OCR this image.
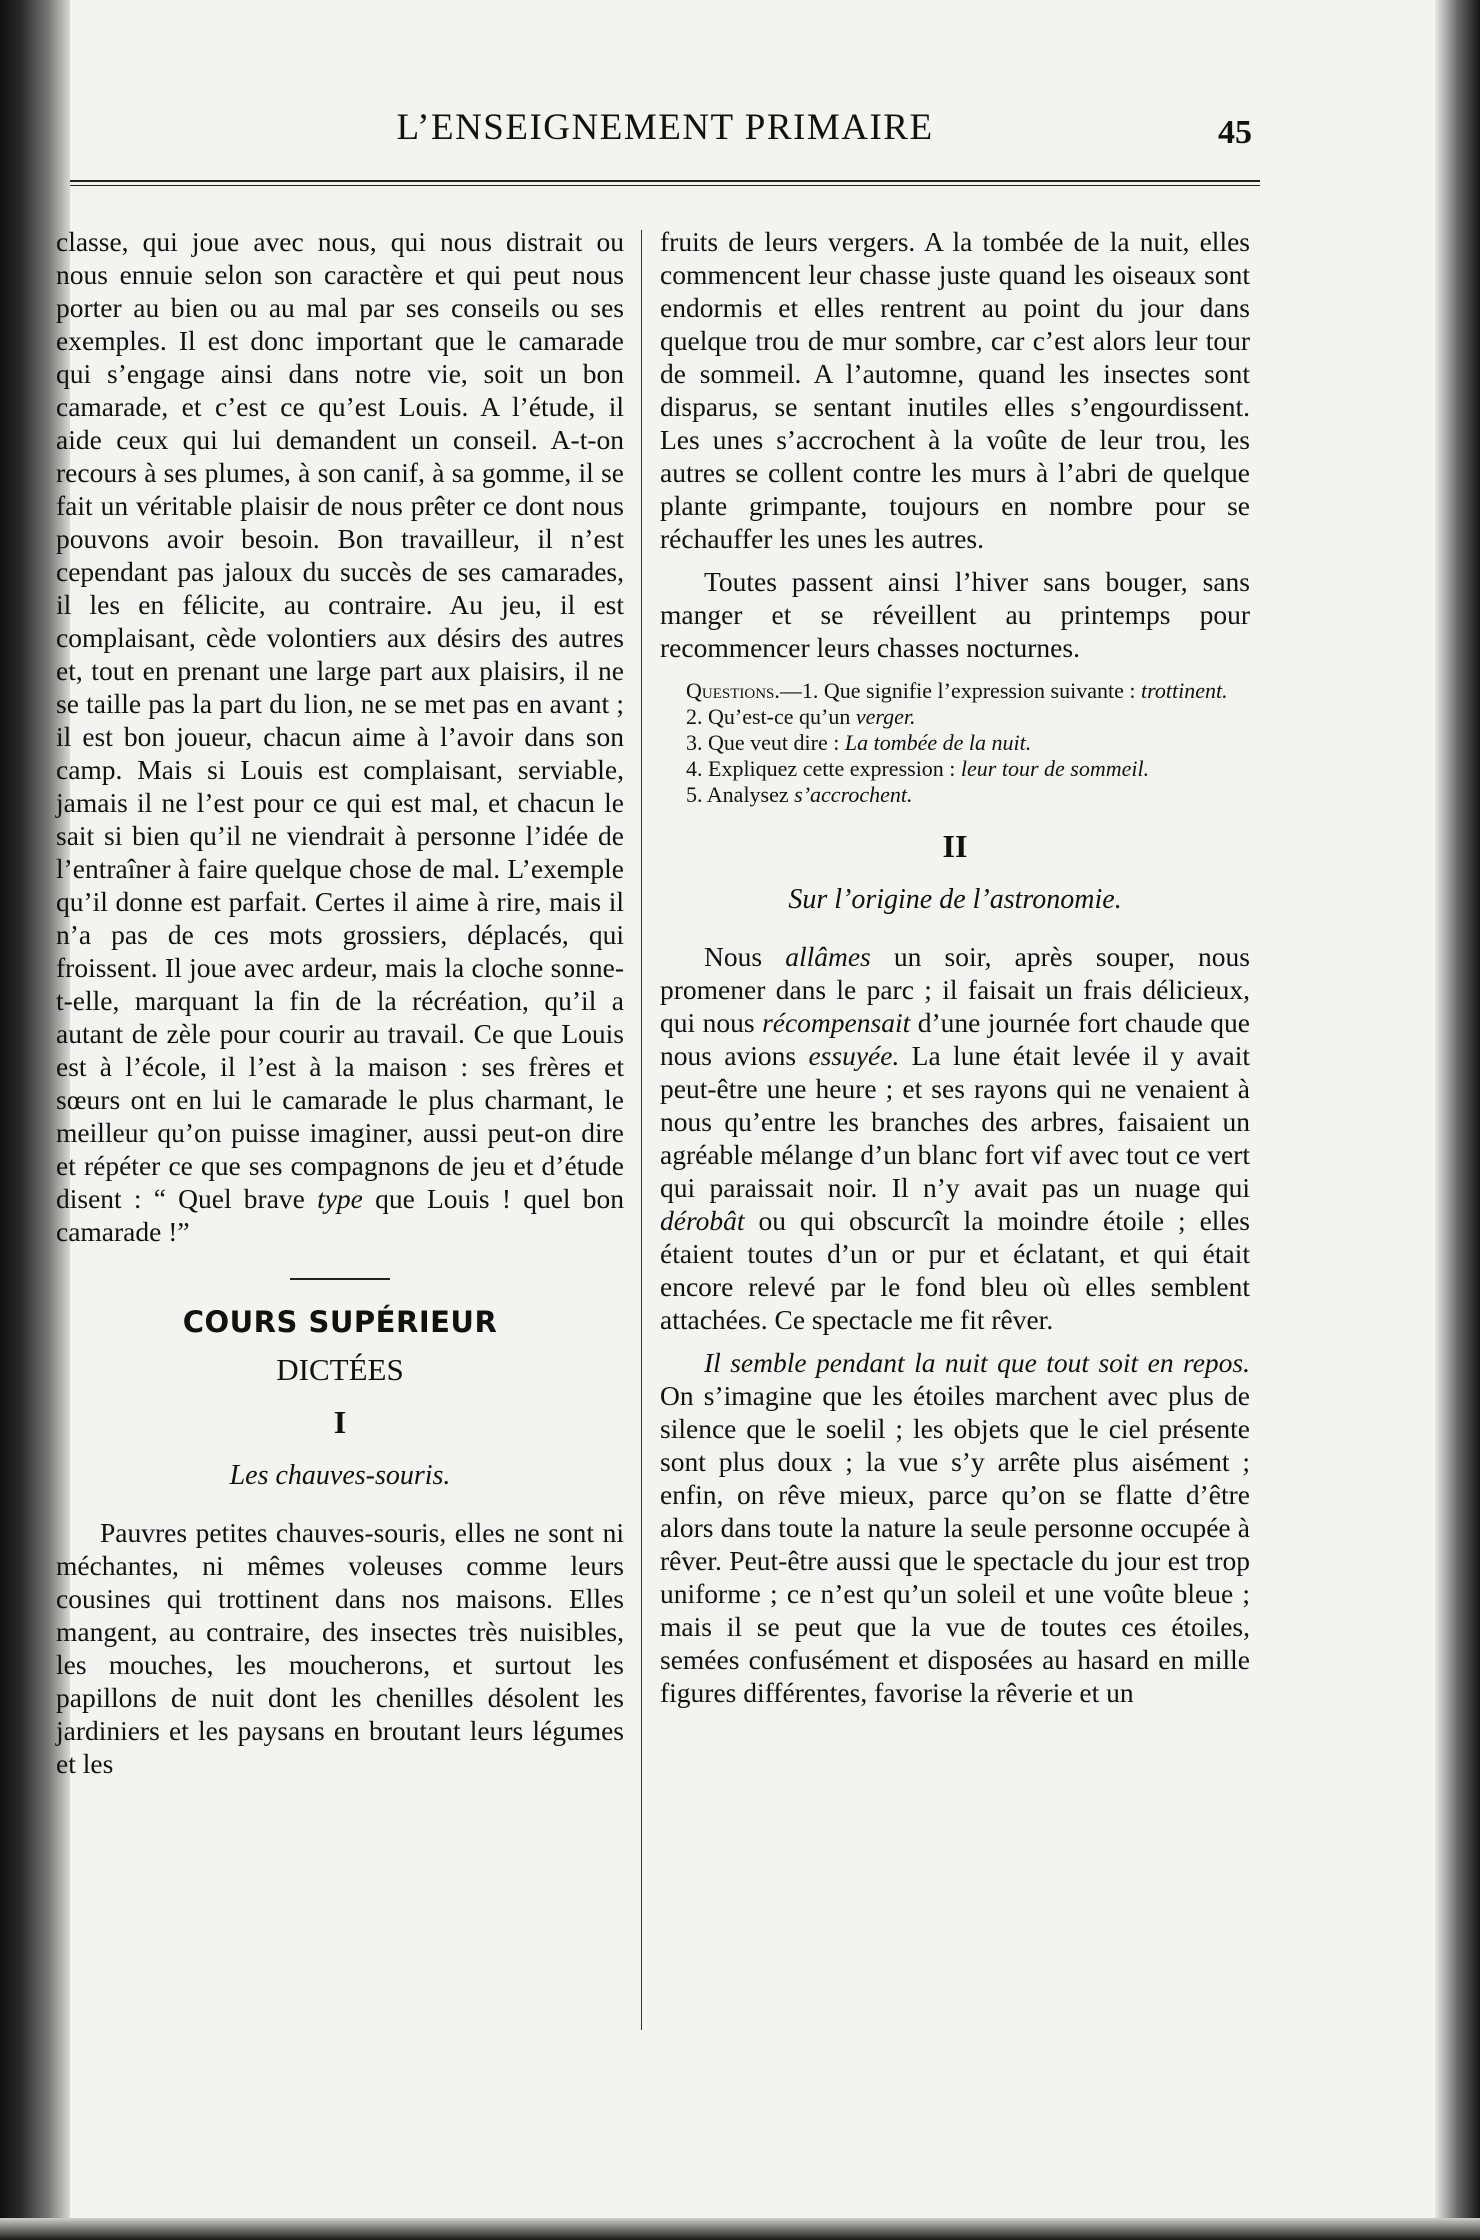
L’ENSEIGNEMENT PRIMAIRE	45

classe, qui joue avec nous, qui nous distrait ou nous ennuie selon son caractère et qui peut nous porter au bien ou au mal par ses conseils ou ses exemples. Il est donc important que le camarade qui s’engage ainsi dans notre vie, soit un bon camarade, et c’est ce qu’est Louis. A l’étude, il aide ceux qui lui demandent un conseil. A-t-on recours à ses plumes, à son canif, à sa gomme, il se fait un véritable plaisir de nous prêter ce dont nous pouvons avoir besoin. Bon travailleur, il n’est cependant pas jaloux du succès de ses camarades, il les en félicite, au contraire. Au jeu, il est complaisant, cède volontiers aux désirs des autres et, tout en prenant une large part aux plaisirs, il ne se taille pas la part du lion, ne se met pas en avant ; il est bon joueur, chacun aime à l’avoir dans son camp. Mais si Louis est complaisant, serviable, jamais il ne l’est pour ce qui est mal, et chacun le sait si bien qu’il ne viendrait à personne l’idée de l’entraîner à faire quelque chose de mal. L’exemple qu’il donne est parfait. Certes il aime à rire, mais il n’a pas de ces mots grossiers, déplacés, qui froissent. Il joue avec ardeur, mais la cloche sonne-t-elle, marquant la fin de la récréation, qu’il a autant de zèle pour courir au travail. Ce que Louis est à l’école, il l’est à la maison : ses frères et sœurs ont en lui le camarade le plus charmant, le meilleur qu’on puisse imaginer, aussi peut-on dire et répéter ce que ses compagnons de jeu et d’étude disent : “ Quel brave type que Louis ! quel bon camarade !”

COURS SUPÉRIEUR
DICTÉES
I
Les chauves-souris.

Pauvres petites chauves-souris, elles ne sont ni méchantes, ni mêmes voleuses comme leurs cousines qui trottinent dans nos maisons. Elles mangent, au contraire, des insectes très nuisibles, les mouches, les moucherons, et surtout les papillons de nuit dont les chenilles désolent les jardiniers et les paysans en broutant leurs légumes et les

fruits de leurs vergers. A la tombée de la nuit, elles commencent leur chasse juste quand les oiseaux sont endormis et elles rentrent au point du jour dans quelque trou de mur sombre, car c’est alors leur tour de sommeil. A l’automne, quand les insectes sont disparus, se sentant inutiles elles s’engourdissent. Les unes s’accrochent à la voûte de leur trou, les autres se collent contre les murs à l’abri de quelque plante grimpante, toujours en nombre pour se réchauffer les unes les autres.

Toutes passent ainsi l’hiver sans bouger, sans manger et se réveillent au printemps pour recommencer leurs chasses nocturnes.

Questions.—1. Que signifie l’expression suivante : trottinent.
2. Qu’est-ce qu’un verger.
3. Que veut dire : La tombée de la nuit.
4. Expliquez cette expression : leur tour de sommeil.
5. Analysez s’accrochent.
II
Sur l’origine de l’astronomie.

Nous allâmes un soir, après souper, nous promener dans le parc ; il faisait un frais délicieux, qui nous récompensait d’une journée fort chaude que nous avions essuyée. La lune était levée il y avait peut-être une heure ; et ses rayons qui ne venaient à nous qu’entre les branches des arbres, faisaient un agréable mélange d’un blanc fort vif avec tout ce vert qui paraissait noir. Il n’y avait pas un nuage qui dérobât ou qui obscurcît la moindre étoile ; elles étaient toutes d’un or pur et éclatant, et qui était encore relevé par le fond bleu où elles semblent attachées. Ce spectacle me fit rêver.

Il semble pendant la nuit que tout soit en repos. On s’imagine que les étoiles marchent avec plus de silence que le soelil ; les objets que le ciel présente sont plus doux ; la vue s’y arrête plus aisément ; enfin, on rêve mieux, parce qu’on se flatte d’être alors dans toute la nature la seule personne occupée à rêver. Peut-être aussi que le spectacle du jour est trop uniforme ; ce n’est qu’un soleil et une voûte bleue ; mais il se peut que la vue de toutes ces étoiles, semées confusément et disposées au hasard en mille figures différentes, favorise la rêverie et un
